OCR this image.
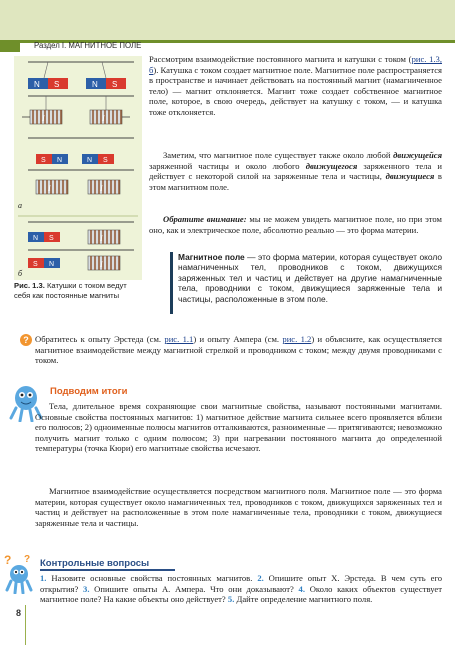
Раздел I. МАГНИТНОЕ ПОЛЕ
N S	N S
I	I
S N	N S
I	I
а
N S	I
S N	I
б
Рис. 1.3. Катушки с током ведут себя как постоянные магниты
Рассмотрим взаимодействие постоянного магнита и катушки с током (рис. 1.3, б). Катушка с током создает магнитное поле. Магнитное поле распространяется в пространстве и начинает действовать на постоянный магнит (намагниченное тело) — магнит отклоняется. Магнит тоже создает собственное магнитное поле, которое, в свою очередь, действует на катушку с током, — и катушка тоже отклоняется.
Заметим, что магнитное поле существует также около любой движущейся заряженной частицы и около любого движущегося заряженного тела и действует с некоторой силой на заряженные тела и частицы, движущиеся в этом магнитном поле.
Обратите внимание: мы не можем увидеть магнитное поле, но при этом оно, как и электрическое поле, абсолютно реально — это форма материи.
Магнитное поле — это форма материи, которая существует около намагниченных тел, проводников с током, движущихся заряженных тел и частиц и действует на другие намагниченные тела, проводники с током, движущиеся заряженные тела и частицы, расположенные в этом поле.
? Обратитесь к опыту Эрстеда (см. рис. 1.1) и опыту Ампера (см. рис. 1.2) и объясните, как осуществляется магнитное взаимодействие между магнитной стрелкой и проводником с током; между двумя проводниками с током.
Подводим итоги
Тела, длительное время сохраняющие свои магнитные свойства, называют постоянными магнитами. Основные свойства постоянных магнитов: 1) магнитное действие магнита сильнее всего проявляется вблизи его полюсов; 2) одноименные полюсы магнитов отталкиваются, разноименные — притягиваются; невозможно получить магнит только с одним полюсом; 3) при нагревании постоянного магнита до определенной температуры (точка Кюри) его магнитные свойства исчезают.
Магнитное взаимодействие осуществляется посредством магнитного поля. Магнитное поле — это форма материи, которая существует около намагниченных тел, проводников с током, движущихся заряженных тел и частиц и действует на расположенные в этом поле намагниченные тела, проводники с током, движущиеся заряженные тела и частицы.
? ? Контрольные вопросы
1. Назовите основные свойства постоянных магнитов. 2. Опишите опыт Х. Эрстеда. В чем суть его открытия? 3. Опишите опыты А. Ампера. Что они доказывают? 4. Около каких объектов существует магнитное поле? На какие объекты оно действует? 5. Дайте определение магнитного поля.
8
